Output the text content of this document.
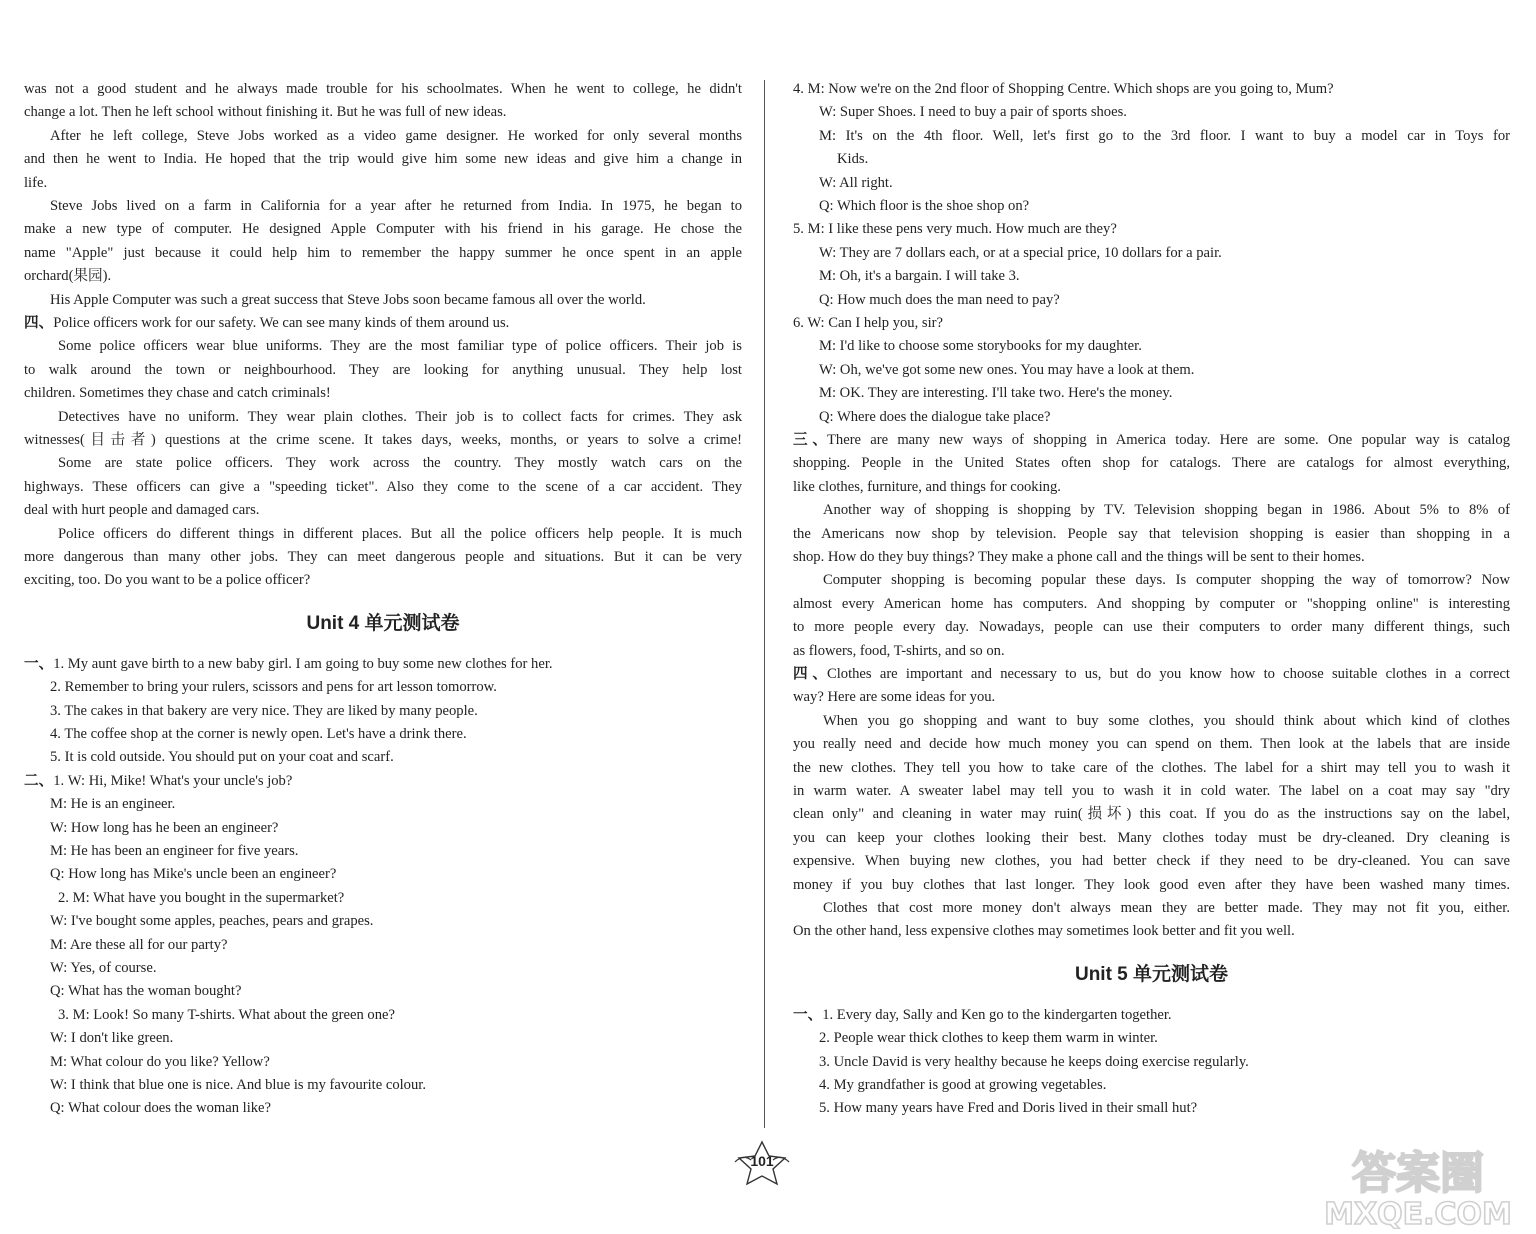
was not a good student and he always made trouble for his schoolmates. When he went to college, he didn't
change a lot. Then he left school without finishing it. But he was full of new ideas.
After he left college, Steve Jobs worked as a video game designer. He worked for only several months
and then he went to India. He hoped that the trip would give him some new ideas and give him a change in
life.
Steve Jobs lived on a farm in California for a year after he returned from India. In 1975, he began to
make a new type of computer. He designed Apple Computer with his friend in his garage. He chose the
name "Apple" just because it could help him to remember the happy summer he once spent in an apple
orchard(果园).
His Apple Computer was such a great success that Steve Jobs soon became famous all over the world.
四、Police officers work for our safety. We can see many kinds of them around us.
Some police officers wear blue uniforms. They are the most familiar type of police officers. Their job is
to walk around the town or neighbourhood. They are looking for anything unusual. They help lost
children. Sometimes they chase and catch criminals!
Detectives have no uniform. They wear plain clothes. Their job is to collect facts for crimes. They ask
witnesses(目击者) questions at the crime scene. It takes days, weeks, months, or years to solve a crime!
Some are state police officers. They work across the country. They mostly watch cars on the
highways. These officers can give a "speeding ticket". Also they come to the scene of a car accident. They
deal with hurt people and damaged cars.
Police officers do different things in different places. But all the police officers help people. It is much
more dangerous than many other jobs. They can meet dangerous people and situations. But it can be very
exciting, too. Do you want to be a police officer?
Unit 4 单元测试卷
一、1. My aunt gave birth to a new baby girl. I am going to buy some new clothes for her.
2. Remember to bring your rulers, scissors and pens for art lesson tomorrow.
3. The cakes in that bakery are very nice. They are liked by many people.
4. The coffee shop at the corner is newly open. Let's have a drink there.
5. It is cold outside. You should put on your coat and scarf.
二、1. W: Hi, Mike! What's your uncle's job?
M: He is an engineer.
W: How long has he been an engineer?
M: He has been an engineer for five years.
Q: How long has Mike's uncle been an engineer?
2. M: What have you bought in the supermarket?
W: I've bought some apples, peaches, pears and grapes.
M: Are these all for our party?
W: Yes, of course.
Q: What has the woman bought?
3. M: Look! So many T-shirts. What about the green one?
W: I don't like green.
M: What colour do you like? Yellow?
W: I think that blue one is nice. And blue is my favourite colour.
Q: What colour does the woman like?
4. M: Now we're on the 2nd floor of Shopping Centre. Which shops are you going to, Mum?
W: Super Shoes. I need to buy a pair of sports shoes.
M: It's on the 4th floor. Well, let's first go to the 3rd floor. I want to buy a model car in Toys for
Kids.
W: All right.
Q: Which floor is the shoe shop on?
5. M: I like these pens very much. How much are they?
W: They are 7 dollars each, or at a special price, 10 dollars for a pair.
M: Oh, it's a bargain. I will take 3.
Q: How much does the man need to pay?
6. W: Can I help you, sir?
M: I'd like to choose some storybooks for my daughter.
W: Oh, we've got some new ones. You may have a look at them.
M: OK. They are interesting. I'll take two. Here's the money.
Q: Where does the dialogue take place?
三、There are many new ways of shopping in America today. Here are some. One popular way is catalog
shopping. People in the United States often shop for catalogs. There are catalogs for almost everything,
like clothes, furniture, and things for cooking.
Another way of shopping is shopping by TV. Television shopping began in 1986. About 5% to 8% of
the Americans now shop by television. People say that television shopping is easier than shopping in a
shop. How do they buy things? They make a phone call and the things will be sent to their homes.
Computer shopping is becoming popular these days. Is computer shopping the way of tomorrow? Now
almost every American home has computers. And shopping by computer or "shopping online" is interesting
to more people every day. Nowadays, people can use their computers to order many different things, such
as flowers, food, T-shirts, and so on.
四、Clothes are important and necessary to us, but do you know how to choose suitable clothes in a correct
way? Here are some ideas for you.
When you go shopping and want to buy some clothes, you should think about which kind of clothes
you really need and decide how much money you can spend on them. Then look at the labels that are inside
the new clothes. They tell you how to take care of the clothes. The label for a shirt may tell you to wash it
in warm water. A sweater label may tell you to wash it in cold water. The label on a coat may say "dry
clean only" and cleaning in water may ruin(损坏) this coat. If you do as the instructions say on the label,
you can keep your clothes looking their best. Many clothes today must be dry-cleaned. Dry cleaning is
expensive. When buying new clothes, you had better check if they need to be dry-cleaned. You can save
money if you buy clothes that last longer. They look good even after they have been washed many times.
Clothes that cost more money don't always mean they are better made. They may not fit you, either.
On the other hand, less expensive clothes may sometimes look better and fit you well.
Unit 5 单元测试卷
一、1. Every day, Sally and Ken go to the kindergarten together.
2. People wear thick clothes to keep them warm in winter.
3. Uncle David is very healthy because he keeps doing exercise regularly.
4. My grandfather is good at growing vegetables.
5. How many years have Fred and Doris lived in their small hut?
101	答案圈
MXQE.COM
